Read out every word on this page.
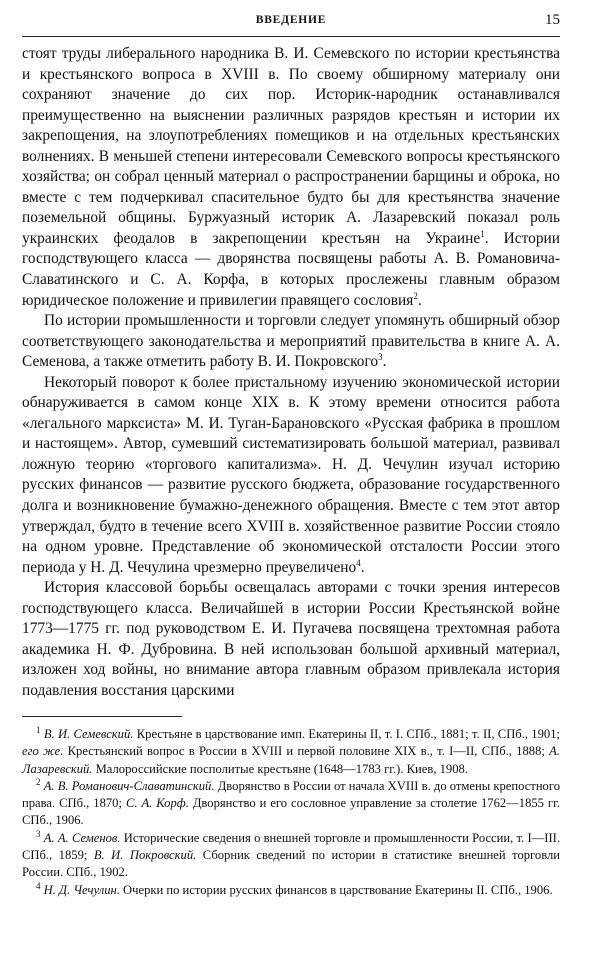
ВВЕДЕНИЕ	15

стоят труды либерального народника В. И. Семевского по истории крестьянства и крестьянского вопроса в XVIII в. По своему обширному материалу они сохраняют значение до сих пор. Историк-народник останавливался преимущественно на выяснении различных разрядов крестьян и истории их закрепощения, на злоупотреблениях помещиков и на отдельных крестьянских волнениях. В меньшей степени интересовали Семевского вопросы крестьянского хозяйства; он собрал ценный материал о распространении барщины и оброка, но вместе с тем подчеркивал спасительное будто бы для крестьянства значение поземельной общины. Буржуазный историк А. Лазаревский показал роль украинских феодалов в закрепощении крестьян на Украине$^1$. Истории господствующего класса — дворянства посвящены работы А. В. Романовича-Славатинского и С. А. Корфа, в которых прослежены главным образом юридическое положение и привилегии правящего сословия$^2$.

По истории промышленности и торговли следует упомянуть обширный обзор соответствующего законодательства и мероприятий правительства в книге А. А. Семенова, а также отметить работу В. И. Покровского$^3$.

Некоторый поворот к более пристальному изучению экономической истории обнаруживается в самом конце XIX в. К этому времени относится работа «легального марксиста» М. И. Туган-Барановского «Русская фабрика в прошлом и настоящем». Автор, сумевший систематизировать большой материал, развивал ложную теорию «торгового капитализма». Н. Д. Чечулин изучал историю русских финансов — развитие русского бюджета, образование государственного долга и возникновение бумажно-денежного обращения. Вместе с тем этот автор утверждал, будто в течение всего XVIII в. хозяйственное развитие России стояло на одном уровне. Представление об экономической отсталости России этого периода у Н. Д. Чечулина чрезмерно преувеличено$^4$.

История классовой борьбы освещалась авторами с точки зрения интересов господствующего класса. Величайшей в истории России Крестьянской войне 1773—1775 гг. под руководством Е. И. Пугачева посвящена трехтомная работа академика Н. Ф. Дубровина. В ней использован большой архивный материал, изложен ход войны, но внимание автора главным образом привлекала история подавления восстания царскими

$^1$ В. И. Семевский. Крестьяне в царствование имп. Екатерины II, т. I. СПб., 1881; т. II, СПб., 1901; его же. Крестьянский вопрос в России в XVIII и первой половине XIX в., т. I—II, СПб., 1888; А. Лазаревский. Малороссийские посполитые крестьяне (1648—1783 гг.). Киев, 1908.

$^2$ А. В. Романович-Славатинский. Дворянство в России от начала XVIII в. до отмены крепостного права. СПб., 1870; С. А. Корф. Дворянство и его сословное управление за столетие 1762—1855 гг. СПб., 1906.

$^3$ А. А. Семенов. Исторические сведения о внешней торговле и промышленности России, т. I—III. СПб., 1859; В. И. Покровский. Сборник сведений по истории в статистике внешней торговли России. СПб., 1902.

$^4$ Н. Д. Чечулин. Очерки по истории русских финансов в царствование Екатерины II. СПб., 1906.
